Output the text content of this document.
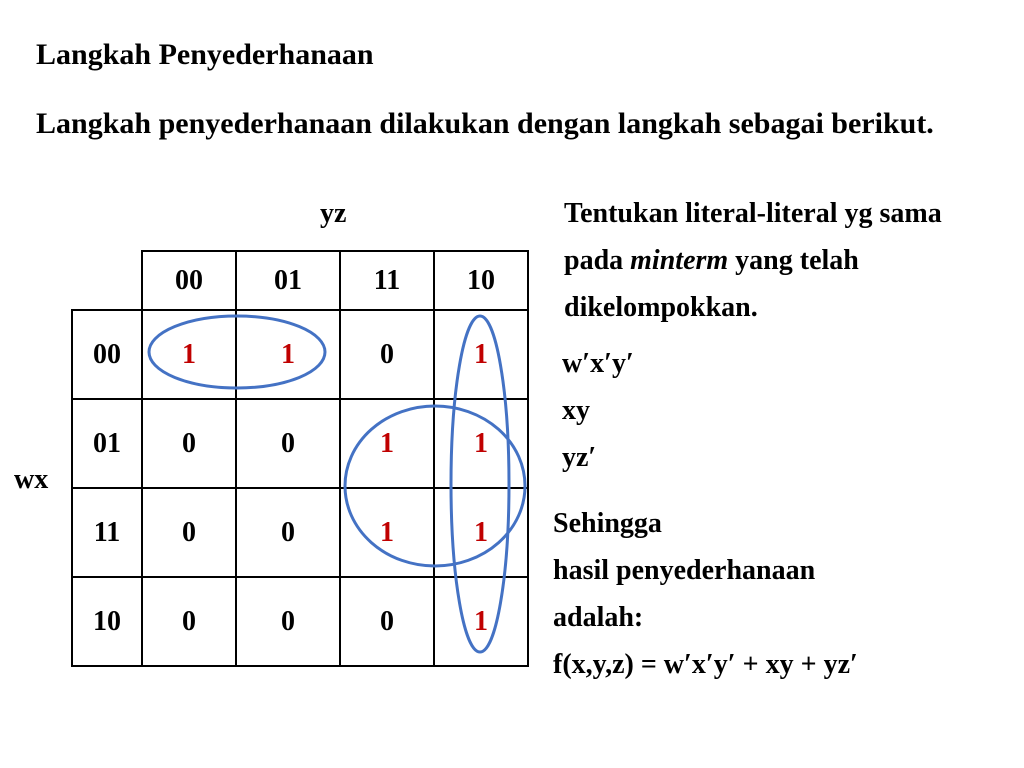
Langkah Penyederhanaan
Langkah penyederhanaan dilakukan dengan langkah sebagai berikut.
yz
wx
	00	01	11	10
00	1	1	0	1
01	0	0	1	1
11	0	0	1	1
10	0	0	0	1
Tentukan literal-literal yg sama pada minterm yang telah dikelompokkan.
w′x′y′
xy
yz′
Sehingga
hasil penyederhanaan
adalah:
f(x,y,z) = w′x′y′ + xy + yz′
